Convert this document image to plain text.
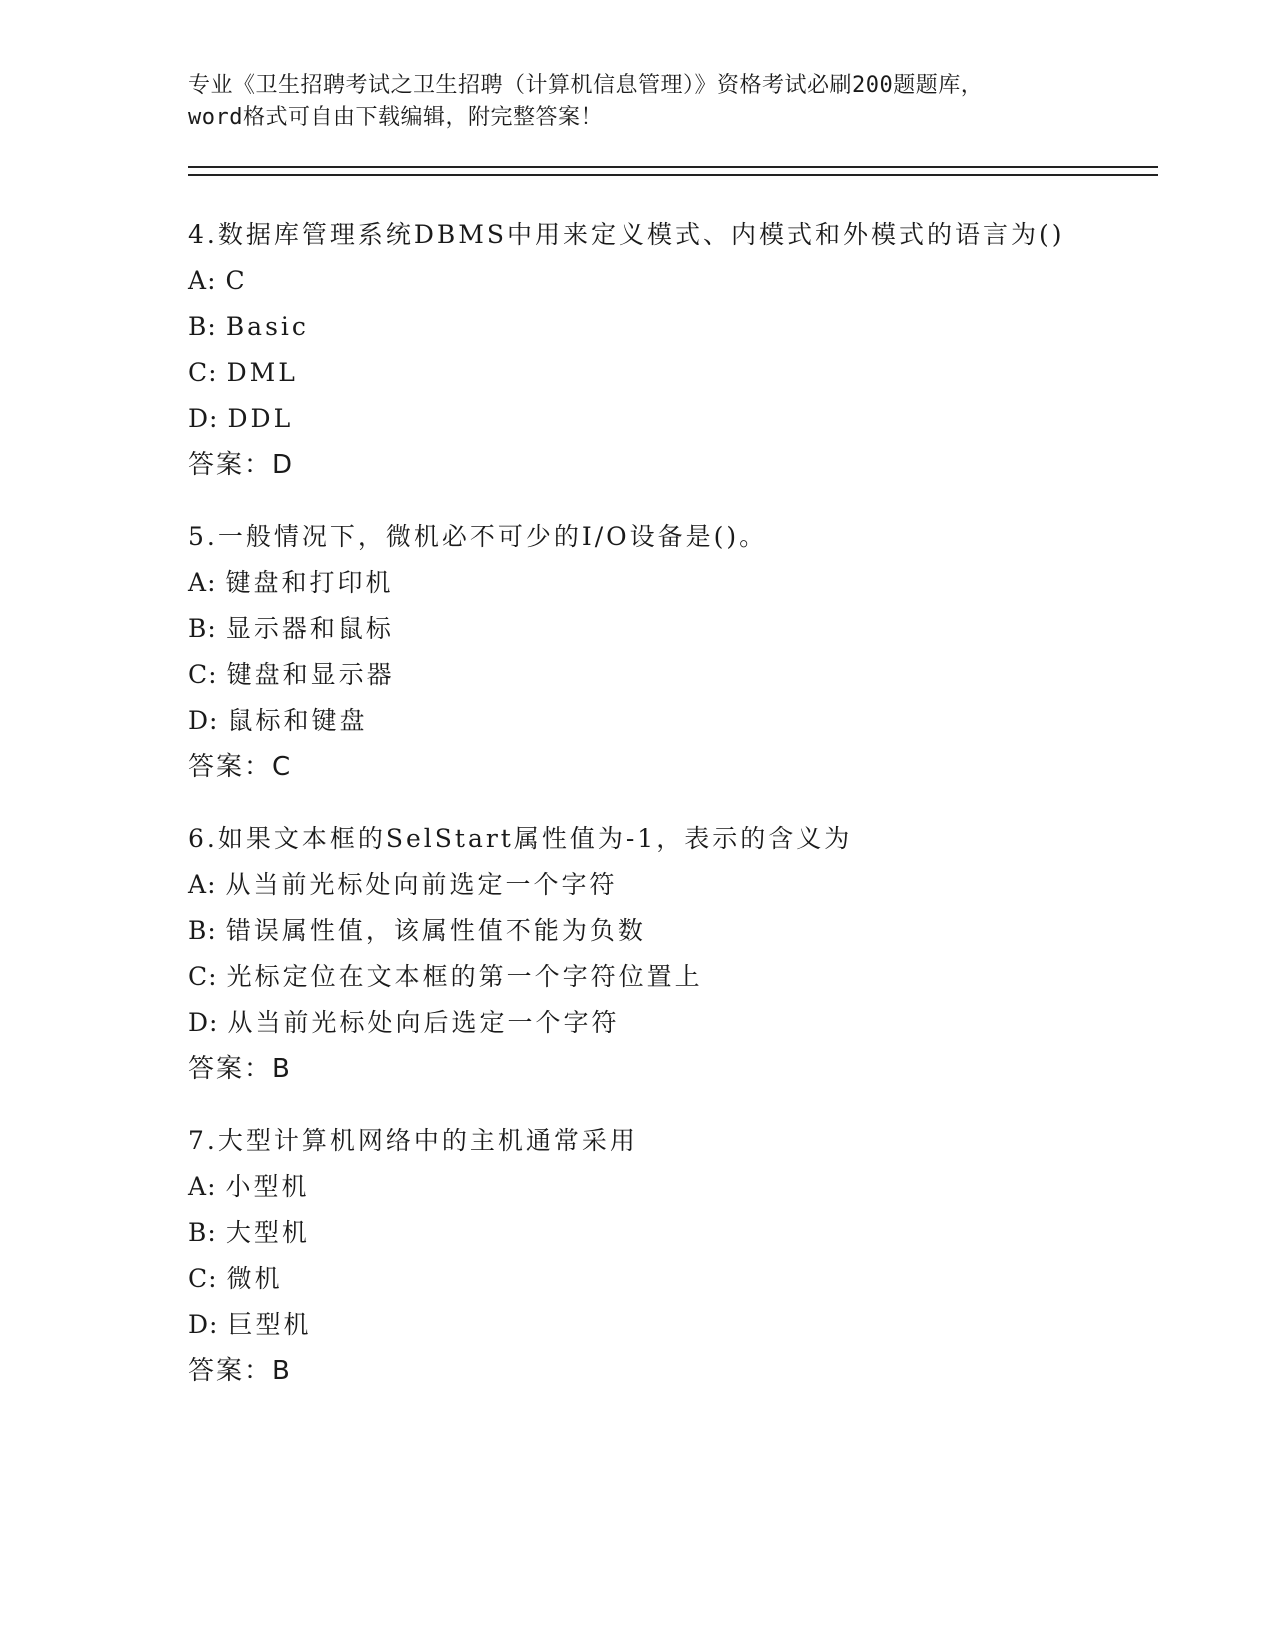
专业《卫生招聘考试之卫生招聘（计算机信息管理）》资格考试必刷200题题库，
word格式可自由下载编辑，附完整答案！
4.数据库管理系统DBMS中用来定义模式、内模式和外模式的语言为()
A: C
B: Basic
C: DML
D: DDL
答案：D
5.一般情况下，微机必不可少的I/O设备是()。
A: 键盘和打印机
B: 显示器和鼠标
C: 键盘和显示器
D: 鼠标和键盘
答案：C
6.如果文本框的SelStart属性值为-1，表示的含义为
A: 从当前光标处向前选定一个字符
B: 错误属性值，该属性值不能为负数
C: 光标定位在文本框的第一个字符位置上
D: 从当前光标处向后选定一个字符
答案：B
7.大型计算机网络中的主机通常采用
A: 小型机
B: 大型机
C: 微机
D: 巨型机
答案：B
